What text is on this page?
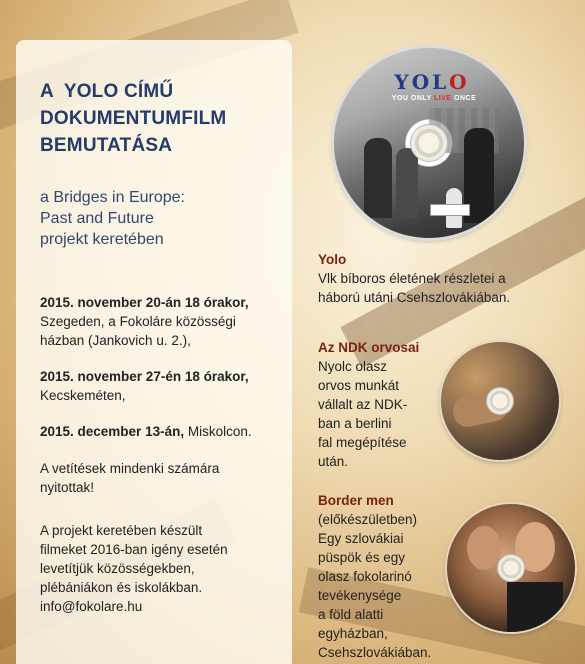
A  YOLO CÍMŰ
DOKUMENTUMFILM
BEMUTATÁSA
a Bridges in Europe:
Past and Future
projekt keretében
2015. november 20-án 18 órakor,
Szegeden, a Fokoláre közösségi
házban (Jankovich u. 2.),
2015. november 27-én 18 órakor,
Kecskeméten,
2015. december 13-án, Miskolcon.
A vetítések mindenki számára
nyitottak!
A projekt keretében készült
filmeket 2016-ban igény esetén
levetítjük közösségekben,
plébániákon és iskolákban.
info@fokolare.hu
YOLO
YOU ONLY LIVE ONCE
Yolo
Vlk bíboros életének részletei a
háború utáni Csehszlovákiában.
Az NDK orvosai
Nyolc olasz
orvos munkát
vállalt az NDK-
ban a berlini
fal megépítése
után.
Border men
(előkészületben)
Egy szlovákiai
püspök és egy
olasz fokolarinó
tevékenysége
a föld alatti
egyházban,
Csehszlovákiában.
